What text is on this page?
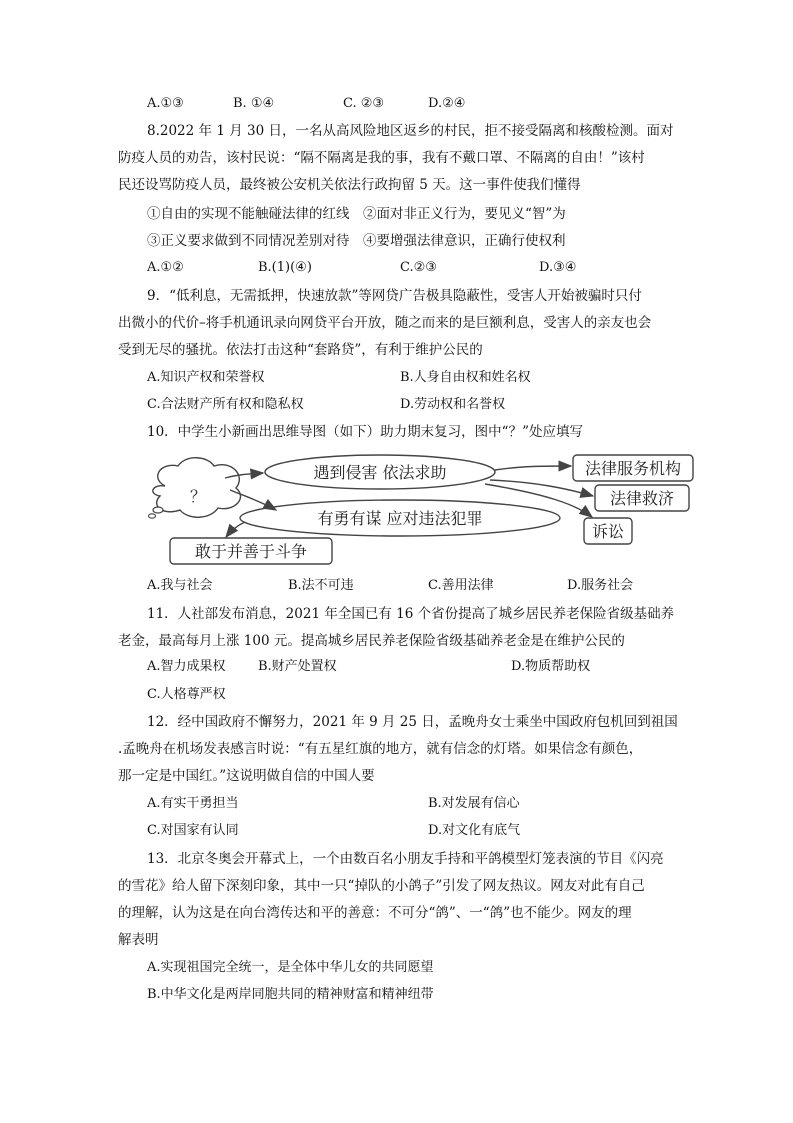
A.①③	B. ①④	C. ②③	D.②④
8.2022 年 1 月 30 日，一名从高风险地区返乡的村民，拒不接受隔离和核酸检测。面对
防疫人员的劝告，该村民说：“隔不隔离是我的事，我有不戴口罩、不隔离的自由！”该村
民还设骂防疫人员，最终被公安机关依法行政拘留 5 天。这一事件使我们懂得
①自由的实现不能触碰法律的红线　②面对非正义行为，要见义“智”为
③正义要求做到不同情况差别对待　④要增强法律意识，正确行使权利
A.①②	B.(1)(④)	C.②③	D.③④
9．“低利息，无需抵押，快速放款”等网贷广告极具隐蔽性，受害人开始被骗时只付
出微小的代价–将手机通讯录向网贷平台开放，随之而来的是巨额利息，受害人的亲友也会
受到无尽的骚扰。依法打击这种“套路贷”，有利于维护公民的
A.知识产权和荣誉权	B.人身自由权和姓名权
C.合法财产所有权和隐私权	D.劳动权和名誉权
10．中学生小新画出思维导图（如下）助力期末复习，图中“？”处应填写
？
遇到侵害 依法求助
有勇有谋 应对违法犯罪
法律服务机构
法律救济
诉讼
敢于并善于斗争
A.我与社会	B.法不可违	C.善用法律	D.服务社会
11．人社部发布消息，2021 年全国已有 16 个省份提高了城乡居民养老保险省级基础养
老金，最高每月上涨 100 元。提高城乡居民养老保险省级基础养老金是在维护公民的
A.智力成果权 B.财产处置权	D.物质帮助权
C.人格尊严权
12．经中国政府不懈努力，2021 年 9 月 25 日，孟晚舟女士乘坐中国政府包机回到祖国
.孟晚舟在机场发表感言时说：“有五星红旗的地方，就有信念的灯塔。如果信念有颜色，
那一定是中国红。”这说明做自信的中国人要
A.有实干勇担当	B.对发展有信心
C.对国家有认同	D.对文化有底气
13．北京冬奥会开幕式上，一个由数百名小朋友手持和平鸽模型灯笼表演的节目《闪亮
的雪花》给人留下深刻印象，其中一只“掉队的小鸽子”引发了网友热议。网友对此有自己
的理解，认为这是在向台湾传达和平的善意：不可分“鸽”、一“鸽”也不能少。网友的理
解表明
A.实现祖国完全统一，是全体中华儿女的共同愿望
B.中华文化是两岸同胞共同的精神财富和精神纽带
